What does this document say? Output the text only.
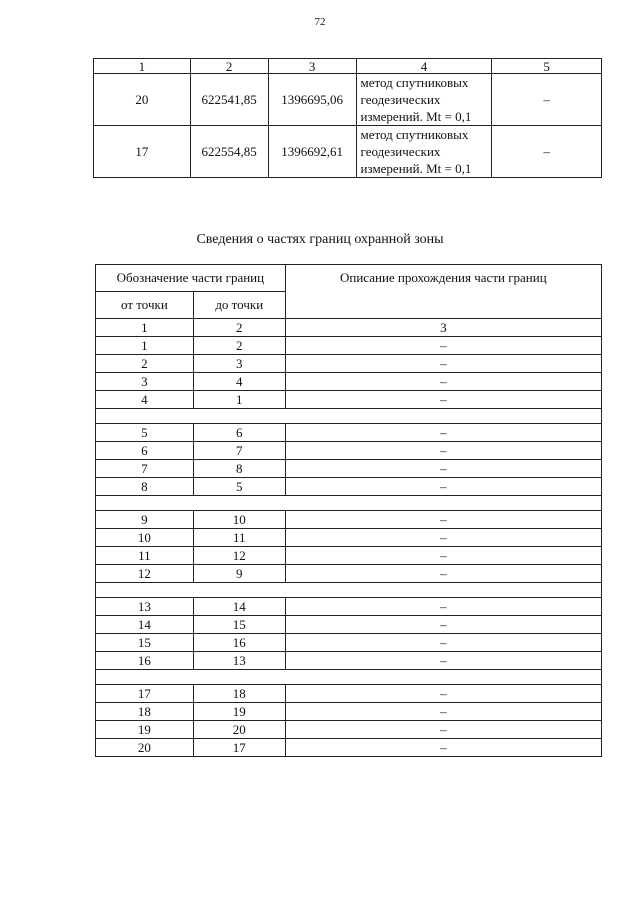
72
1	2	3	4	5
20	622541,85	1396695,06	метод спутниковых
геодезических
измерений. Mt = 0,1	–
17	622554,85	1396692,61	метод спутниковых
геодезических
измерений. Mt = 0,1	–
Сведения о частях границ охранной зоны
Обозначение части границ		Описание прохождения части границ
от точки	до точки	
1	2	3
1	2	–
2	3	–
3	4	–
4	1	–

5	6	–
6	7	–
7	8	–
8	5	–

9	10	–
10	11	–
11	12	–
12	9	–

13	14	–
14	15	–
15	16	–
16	13	–

17	18	–
18	19	–
19	20	–
20	17	–
